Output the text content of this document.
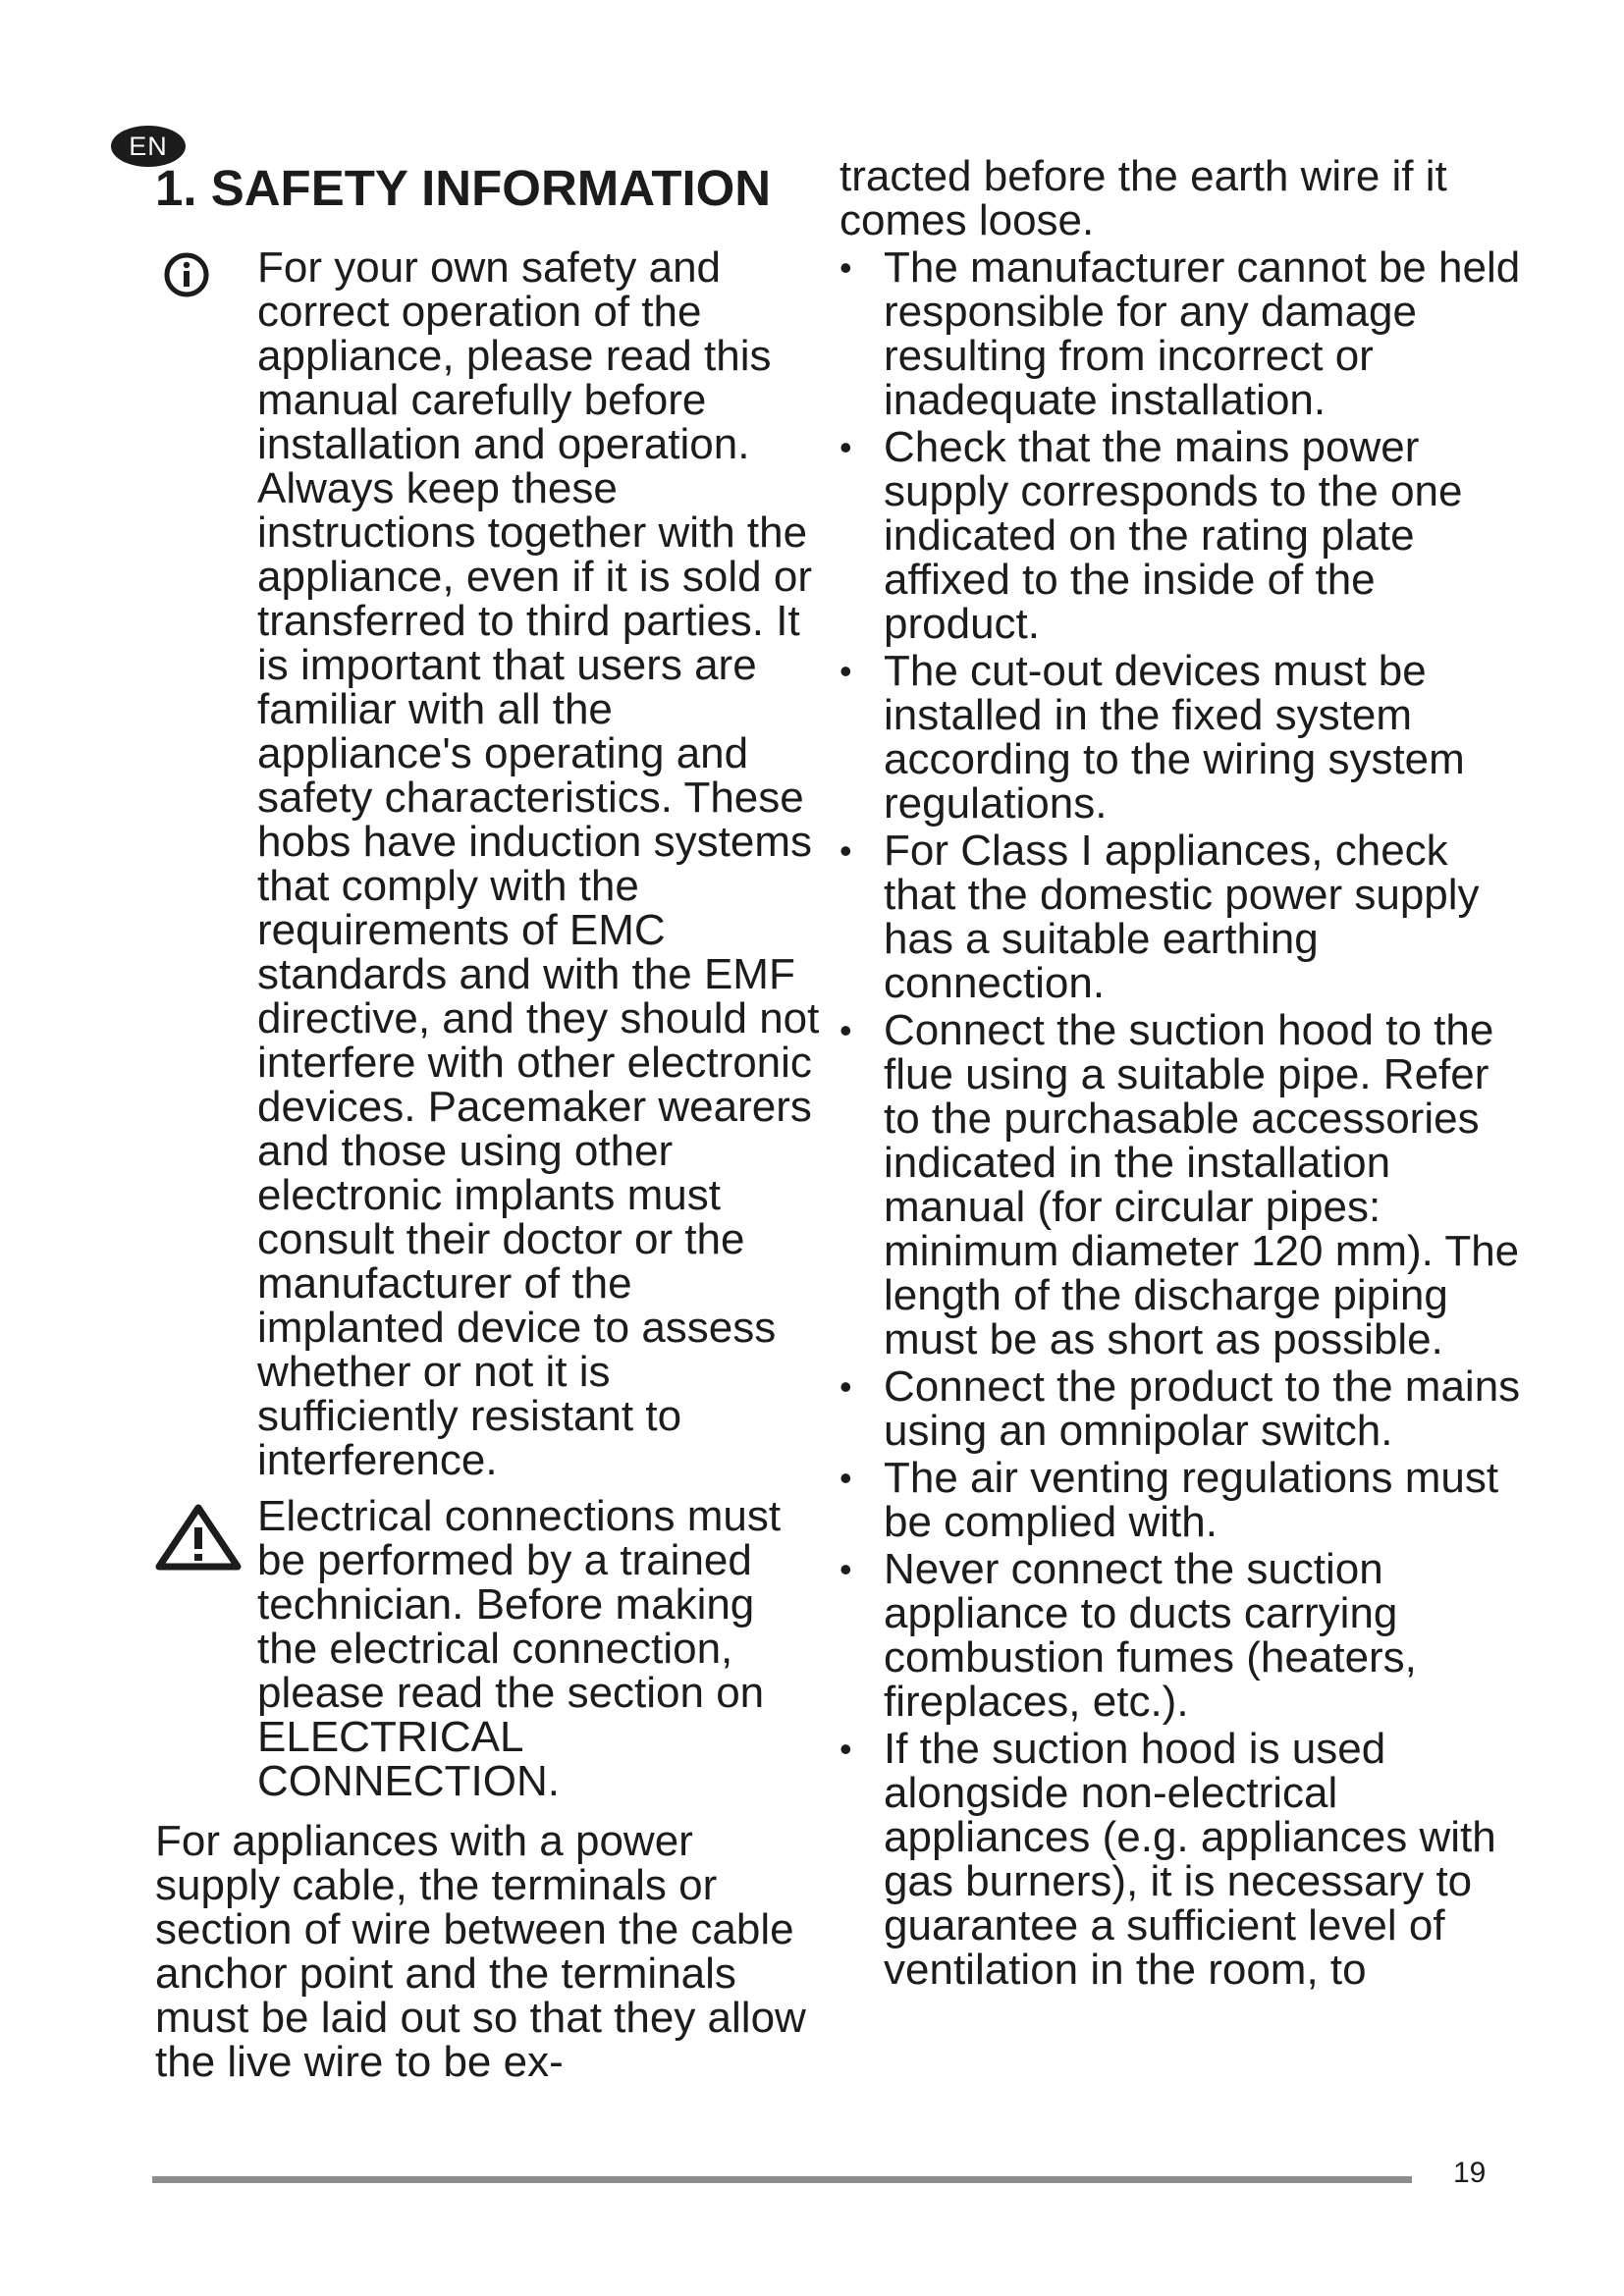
EN
1. SAFETY INFORMATION
For your own safety and correct operation of the appliance, please read this manual carefully before installation and operation. Always keep these instructions together with the appliance, even if it is sold or transferred to third parties. It is important that users are familiar with all the appliance's operating and safety characteristics. These hobs have induction systems that comply with the requirements of EMC standards and with the EMF directive, and they should not interfere with other electronic devices. Pacemaker wearers and those using other electronic implants must consult their doctor or the manufacturer of the implanted device to assess whether or not it is sufficiently resistant to interference.
Electrical connections must be performed by a trained technician. Before making the electrical connection, please read the section on ELECTRICAL CONNECTION.

For appliances with a power supply cable, the terminals or section of wire between the cable anchor point and the terminals must be laid out so that they allow the live wire to be ex-

tracted before the earth wire if it comes loose.

• The manufacturer cannot be held responsible for any damage resulting from incorrect or inadequate installation.
• Check that the mains power supply corresponds to the one indicated on the rating plate affixed to the inside of the product.
• The cut-out devices must be installed in the fixed system according to the wiring system regulations.
• For Class I appliances, check that the domestic power supply has a suitable earthing connection.
• Connect the suction hood to the flue using a suitable pipe. Refer to the purchasable accessories indicated in the installation manual (for circular pipes: minimum diameter 120 mm). The length of the discharge piping must be as short as possible.
• Connect the product to the mains using an omnipolar switch.
• The air venting regulations must be complied with.
• Never connect the suction appliance to ducts carrying combustion fumes (heaters, fireplaces, etc.).
• If the suction hood is used alongside non-electrical appliances (e.g. appliances with gas burners), it is necessary to guarantee a sufficient level of ventilation in the room, to
19
